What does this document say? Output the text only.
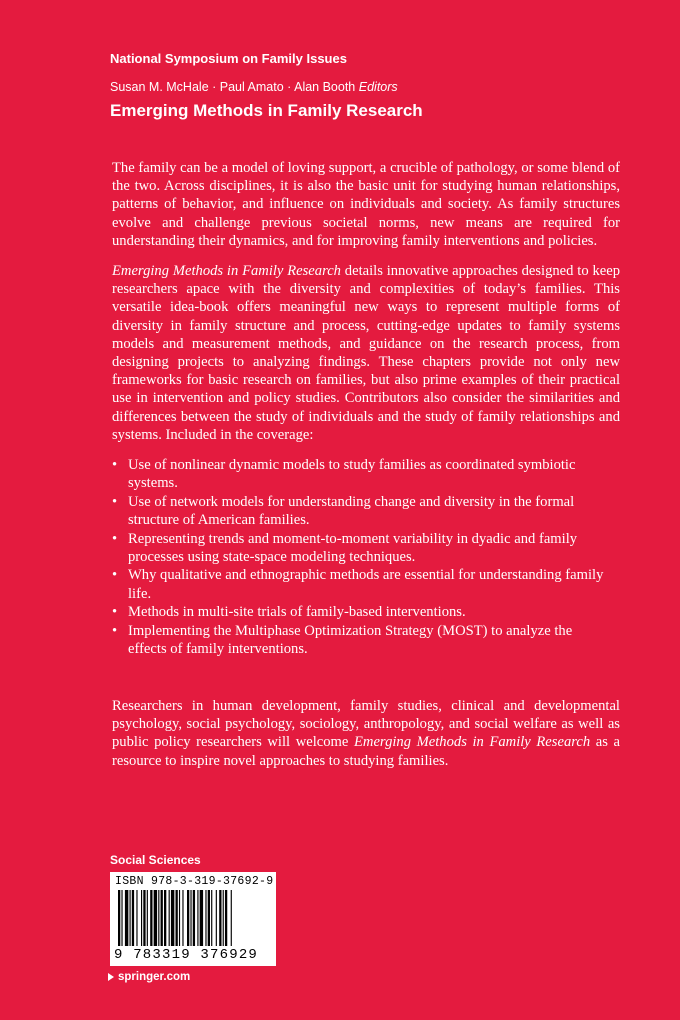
National Symposium on Family Issues
Susan M. McHale · Paul Amato · Alan Booth Editors
Emerging Methods in Family Research

The family can be a model of loving support, a crucible of pathology, or some blend of the two. Across disciplines, it is also the basic unit for studying human relationships, patterns of behavior, and influence on individuals and society. As family structures evolve and challenge previous societal norms, new means are required for understanding their dynamics, and for improving family interventions and policies.

Emerging Methods in Family Research details innovative approaches designed to keep researchers apace with the diversity and complexities of today’s families. This versatile idea-book offers meaningful new ways to represent multiple forms of diversity in family structure and process, cutting-edge updates to family systems models and measurement methods, and guidance on the research process, from designing projects to analyzing findings. These chapters provide not only new frameworks for basic research on families, but also prime examples of their practical use in intervention and policy studies. Contributors also consider the similarities and differences between the study of individuals and the study of family relationships and systems. Included in the coverage:

• Use of nonlinear dynamic models to study families as coordinated symbiotic systems.
• Use of network models for understanding change and diversity in the formal structure of American families.
• Representing trends and moment-to-moment variability in dyadic and family processes using state-space modeling techniques.
• Why qualitative and ethnographic methods are essential for understanding family life.
• Methods in multi-site trials of family-based interventions.
• Implementing the Multiphase Optimization Strategy (MOST) to analyze the effects of family interventions.

Researchers in human development, family studies, clinical and developmental psychology, social psychology, sociology, anthropology, and social welfare as well as public policy researchers will welcome Emerging Methods in Family Research as a resource to inspire novel approaches to studying families.

Social Sciences
ISBN 978-3-319-37692-9
9 783319 376929
springer.com
